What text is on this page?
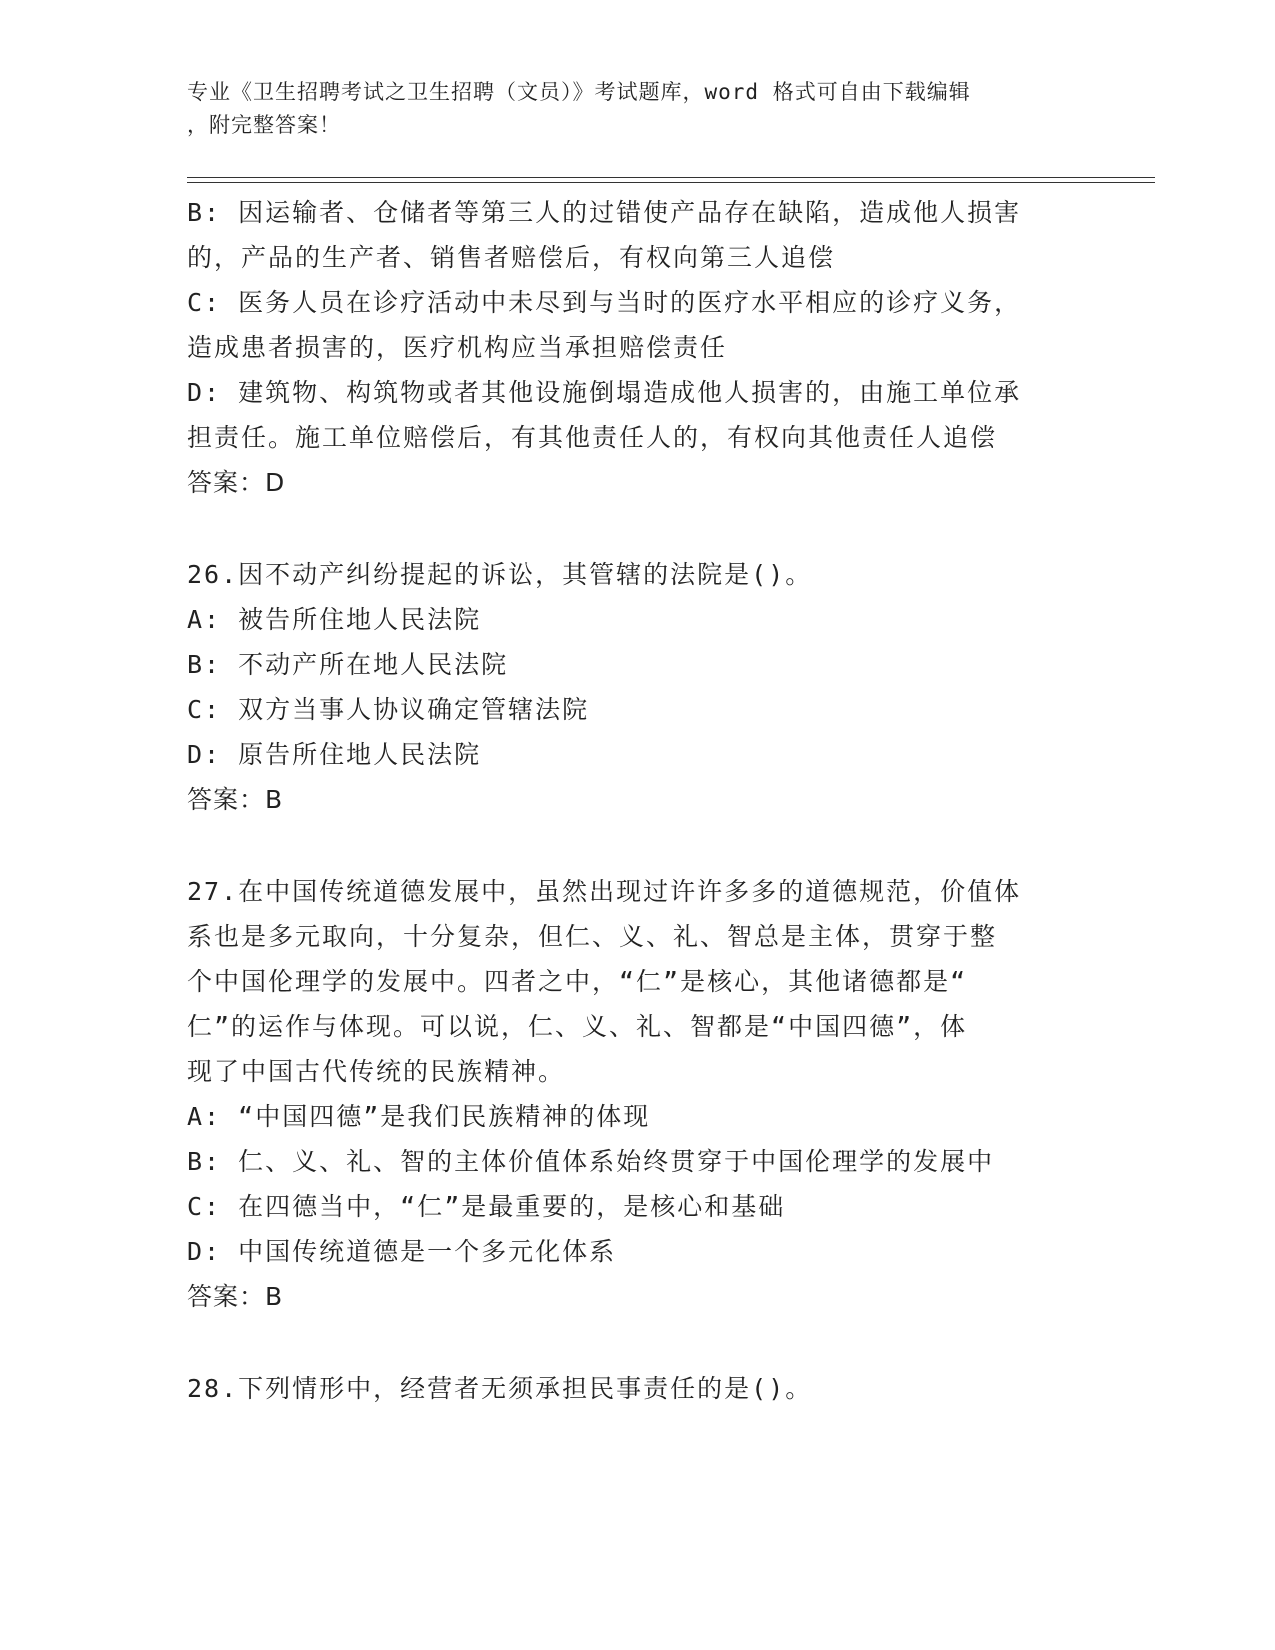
专业《卫生招聘考试之卫生招聘（文员）》考试题库，word 格式可自由下载编辑
，附完整答案！
B: 因运输者、仓储者等第三人的过错使产品存在缺陷，造成他人损害
的，产品的生产者、销售者赔偿后，有权向第三人追偿
C: 医务人员在诊疗活动中未尽到与当时的医疗水平相应的诊疗义务，
造成患者损害的，医疗机构应当承担赔偿责任
D: 建筑物、构筑物或者其他设施倒塌造成他人损害的，由施工单位承
担责任。施工单位赔偿后，有其他责任人的，有权向其他责任人追偿
答案：D
26.因不动产纠纷提起的诉讼，其管辖的法院是()。
A: 被告所住地人民法院
B: 不动产所在地人民法院
C: 双方当事人协议确定管辖法院
D: 原告所住地人民法院
答案：B
27.在中国传统道德发展中，虽然出现过许许多多的道德规范，价值体
系也是多元取向，十分复杂，但仁、义、礼、智总是主体，贯穿于整
个中国伦理学的发展中。四者之中，“仁”是核心，其他诸德都是“
仁”的运作与体现。可以说，仁、义、礼、智都是“中国四德”，体
现了中国古代传统的民族精神。
A: “中国四德”是我们民族精神的体现
B: 仁、义、礼、智的主体价值体系始终贯穿于中国伦理学的发展中
C: 在四德当中，“仁”是最重要的，是核心和基础
D: 中国传统道德是一个多元化体系
答案：B
28.下列情形中，经营者无须承担民事责任的是()。
